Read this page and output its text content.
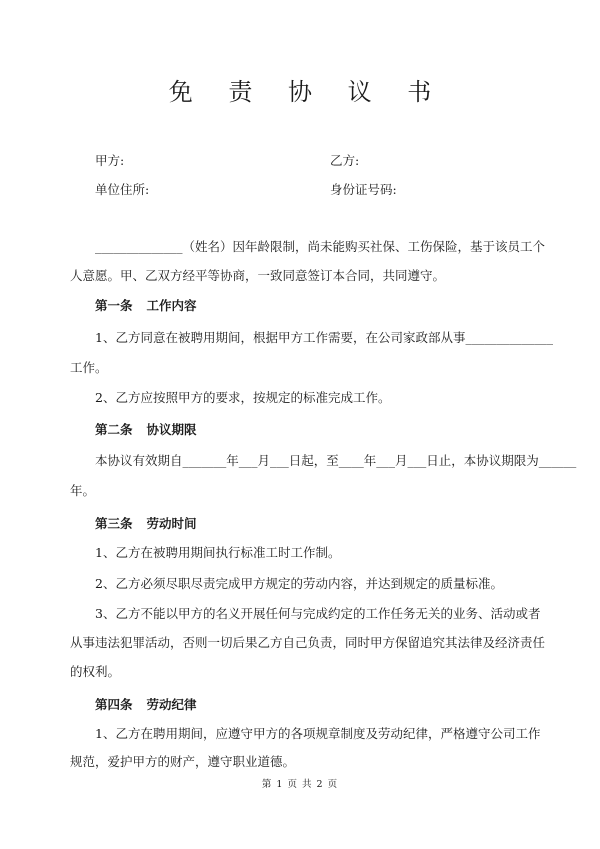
免 责 协 议 书
甲方:	乙方:
单位住所:	身份证号码:
______________（姓名）因年龄限制，尚未能购买社保、工伤保险，基于该员工个
人意愿。甲、乙双方经平等协商，一致同意签订本合同，共同遵守。
第一条 工作内容
1、乙方同意在被聘用期间，根据甲方工作需要，在公司家政部从事______________
工作。
2、乙方应按照甲方的要求，按规定的标准完成工作。
第二条 协议期限
本协议有效期自_______年___月___日起，至____年___月___日止，本协议期限为______
年。
第三条 劳动时间
1、乙方在被聘用期间执行标准工时工作制。
2、乙方必须尽职尽责完成甲方规定的劳动内容，并达到规定的质量标准。
3、乙方不能以甲方的名义开展任何与完成约定的工作任务无关的业务、活动或者
从事违法犯罪活动，否则一切后果乙方自己负责，同时甲方保留追究其法律及经济责任
的权利。
第四条 劳动纪律
1、乙方在聘用期间，应遵守甲方的各项规章制度及劳动纪律，严格遵守公司工作
规范，爱护甲方的财产，遵守职业道德。
第 1 页 共 2 页
